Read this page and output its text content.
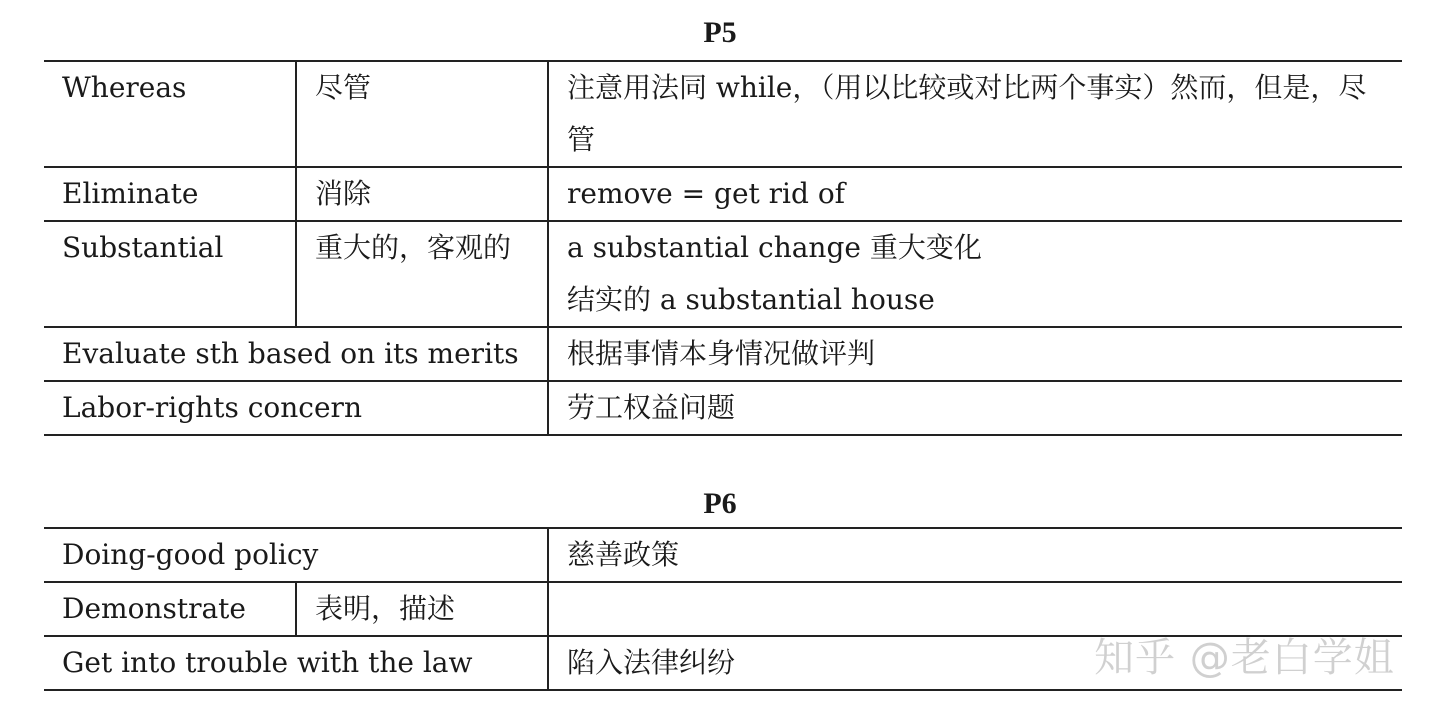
P5
Whereas	尽管	注意用法同 while，（用以比较或对比两个事实）然而，但是，尽管
Eliminate	消除	remove = get rid of
Substantial	重大的，客观的	a substantial change 重大变化
结实的 a substantial house

Evaluate sth based on its merits		根据事情本身情况做评判
Labor-rights concern		劳工权益问题
P6
Doing-good policy		慈善政策
Demonstrate	表明，描述	
Get into trouble with the law		陷入法律纠纷	知乎 @老白学姐
